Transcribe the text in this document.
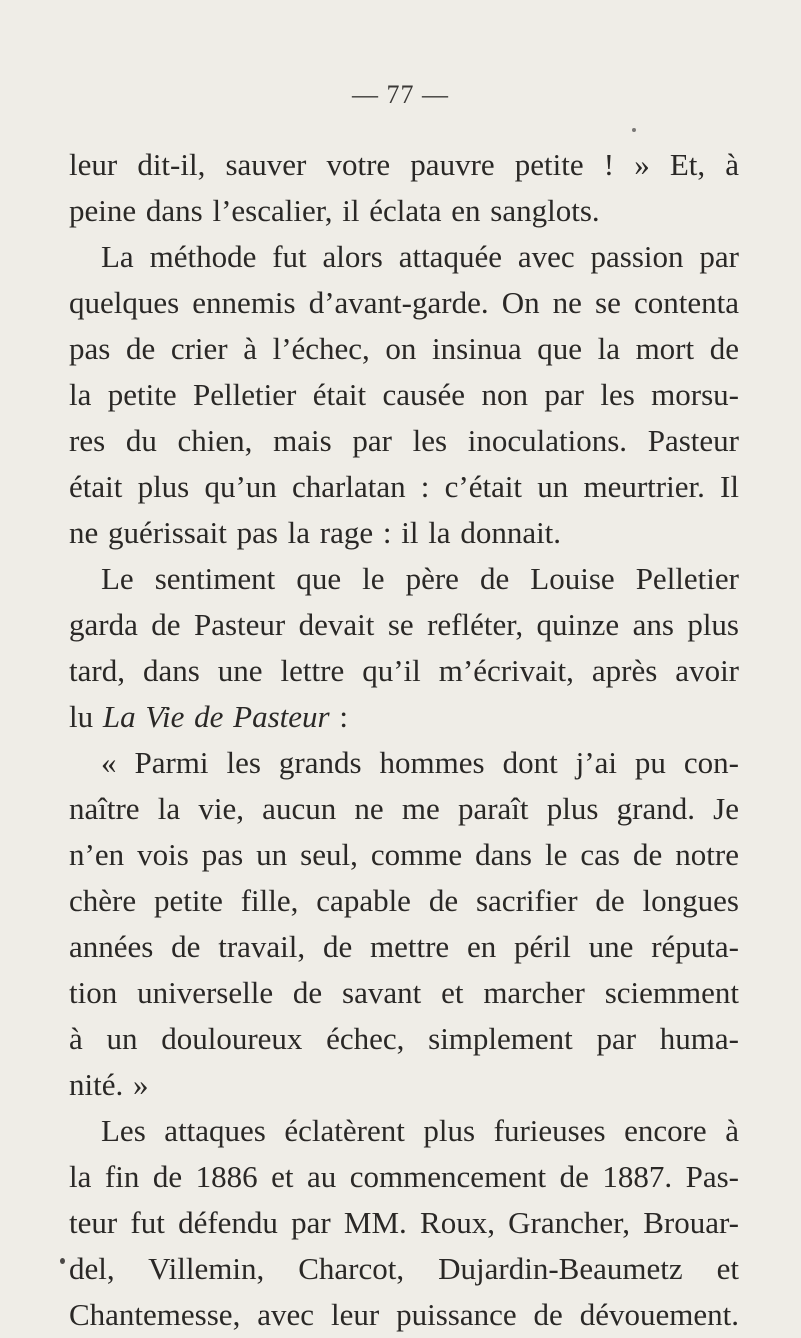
— 77 —
leur dit-il, sauver votre pauvre petite ! » Et, à
peine dans l’escalier, il éclata en sanglots.
La méthode fut alors attaquée avec passion par
quelques ennemis d’avant-garde. On ne se contenta
pas de crier à l’échec, on insinua que la mort de
la petite Pelletier était causée non par les morsu-
res du chien, mais par les inoculations. Pasteur
était plus qu’un charlatan : c’était un meurtrier. Il
ne guérissait pas la rage : il la donnait.
Le sentiment que le père de Louise Pelletier
garda de Pasteur devait se refléter, quinze ans plus
tard, dans une lettre qu’il m’écrivait, après avoir
lu La Vie de Pasteur :
« Parmi les grands hommes dont j’ai pu con-
naître la vie, aucun ne me paraît plus grand. Je
n’en vois pas un seul, comme dans le cas de notre
chère petite fille, capable de sacrifier de longues
années de travail, de mettre en péril une réputa-
tion universelle de savant et marcher sciemment
à un douloureux échec, simplement par huma-
nité. »
Les attaques éclatèrent plus furieuses encore à
la fin de 1886 et au commencement de 1887. Pas-
teur fut défendu par MM. Roux, Grancher, Brouar-
del, Villemin, Charcot, Dujardin-Beaumetz et
Chantemesse, avec leur puissance de dévouement.
